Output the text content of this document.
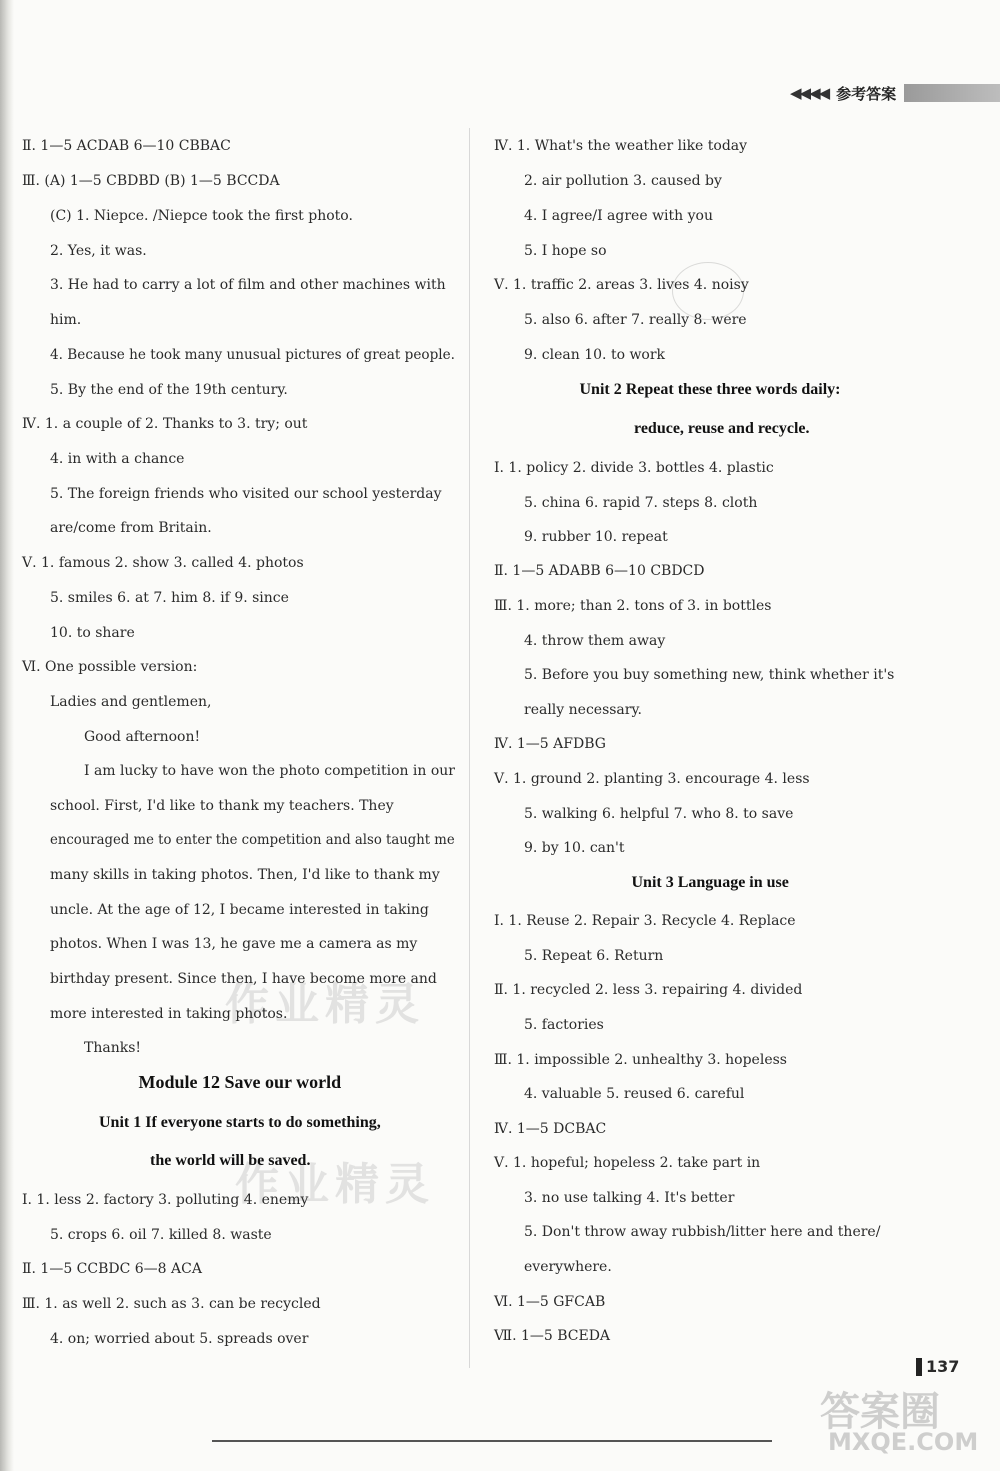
◀◀◀◀ 参考答案
作业精灵
作业精灵
137
答案圈
MXQE.COM
Ⅱ. 1—5 ACDAB 6—10 CBBAC
Ⅲ. (A) 1—5 CBDBD (B) 1—5 BCCDA
(C) 1. Niepce. /Niepce took the first photo.
2. Yes, it was.
3. He had to carry a lot of film and other machines with
him.
4. Because he took many unusual pictures of great people.
5. By the end of the 19th century.
Ⅳ. 1. a couple of 2. Thanks to 3. try; out
4. in with a chance
5. The foreign friends who visited our school yesterday
are/come from Britain.
Ⅴ. 1. famous 2. show 3. called 4. photos
5. smiles 6. at 7. him 8. if 9. since
10. to share
Ⅵ. One possible version:
Ladies and gentlemen,
Good afternoon!
I am lucky to have won the photo competition in our
school. First, I'd like to thank my teachers. They
encouraged me to enter the competition and also taught me
many skills in taking photos. Then, I'd like to thank my
uncle. At the age of 12, I became interested in taking
photos. When I was 13, he gave me a camera as my
birthday present. Since then, I have become more and
more interested in taking photos.
Thanks!
Ⅰ. 1. less 2. factory 3. polluting 4. enemy
5. crops 6. oil 7. killed 8. waste
Ⅱ. 1—5 CCBDC 6—8 ACA
Ⅲ. 1. as well 2. such as 3. can be recycled
4. on; worried about 5. spreads over
Ⅳ. 1. What's the weather like today
2. air pollution 3. caused by
4. I agree/I agree with you
5. I hope so
Ⅴ. 1. traffic 2. areas 3. lives 4. noisy
5. also 6. after 7. really 8. were
9. clean 10. to work
Ⅰ. 1. policy 2. divide 3. bottles 4. plastic
5. china 6. rapid 7. steps 8. cloth
9. rubber 10. repeat
Ⅱ. 1—5 ADABB 6—10 CBDCD
Ⅲ. 1. more; than 2. tons of 3. in bottles
4. throw them away
5. Before you buy something new, think whether it's
really necessary.
Ⅳ. 1—5 AFDBG
Ⅴ. 1. ground 2. planting 3. encourage 4. less
5. walking 6. helpful 7. who 8. to save
9. by 10. can't
Ⅰ. 1. Reuse 2. Repair 3. Recycle 4. Replace
5. Repeat 6. Return
Ⅱ. 1. recycled 2. less 3. repairing 4. divided
5. factories
Ⅲ. 1. impossible 2. unhealthy 3. hopeless
4. valuable 5. reused 6. careful
Ⅳ. 1—5 DCBAC
Ⅴ. 1. hopeful; hopeless 2. take part in
3. no use talking 4. It's better
5. Don't throw away rubbish/litter here and there/
everywhere.
Ⅵ. 1—5 GFCAB
Ⅶ. 1—5 BCEDA
Module 12 Save our world
Unit 1 If everyone starts to do something,
the world will be saved.
Unit 2 Repeat these three words daily:
reduce, reuse and recycle.
Unit 3 Language in use
